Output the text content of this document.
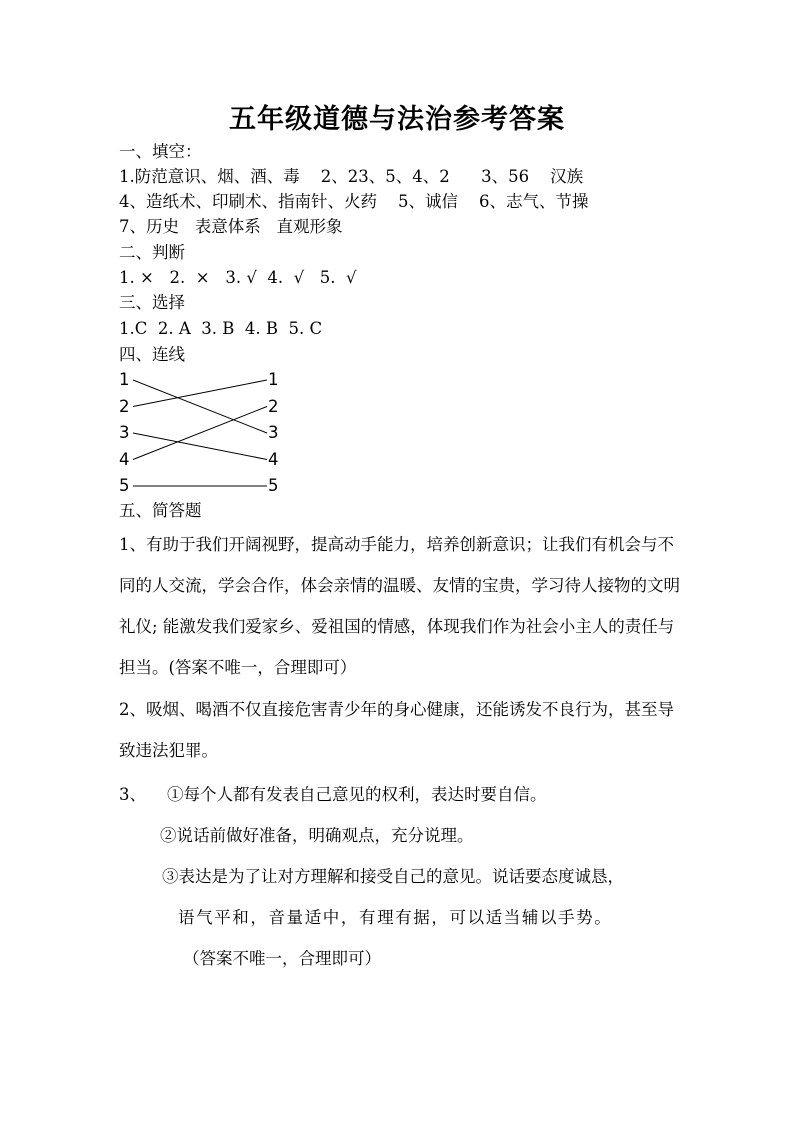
五年级道德与法治参考答案
一、填空：
1.防范意识、烟、酒、毒    2、23、5、4、2      3、56    汉族
4、造纸术、印刷术、指南针、火药    5、诚信    6、志气、节操
7、历史   表意体系   直观形象
二、判断
1. ×   2.  ×   3. √  4.  √   5.  √
三、选择
1.C  2. A  3. B  4. B  5. C
四、连线
1
2
3
4
5
1
2
3
4
5
五、简答题
1、有助于我们开阔视野，提高动手能力，培养创新意识；让我们有机会与不同的人交流，学会合作，体会亲情的温暖、友情的宝贵，学习待人接物的文明礼仪; 能激发我们爱家乡、爱祖国的情感，体现我们作为社会小主人的责任与担当。(答案不唯一，合理即可）
2、吸烟、喝酒不仅直接危害青少年的身心健康，还能诱发不良行为，甚至导致违法犯罪。
3、    ①每个人都有发表自己意见的权利，表达时要自信。
②说话前做好准备，明确观点，充分说理。
③表达是为了让对方理解和接受自己的意见。说话要态度诚恳，
语气平和，音量适中，有理有据，可以适当辅以手势。
（答案不唯一，合理即可）
